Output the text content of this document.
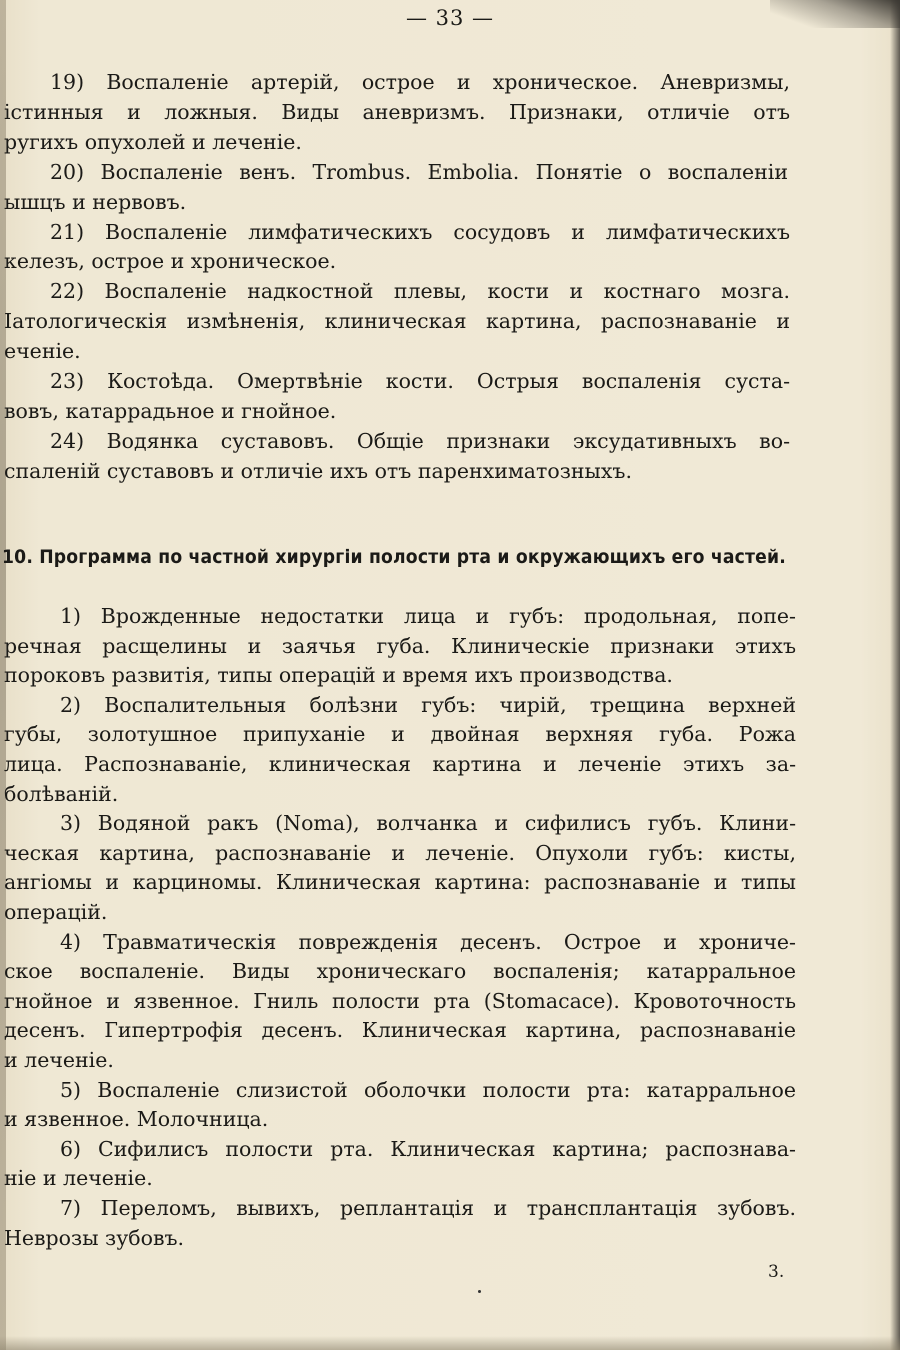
— 33 —
19) Воспаленіе артерій, острое и хроническое. Аневризмы,
істинныя и ложныя. Виды аневризмъ. Признаки, отличіе отъ
ругихъ опухолей и леченіе.
20) Воспаленіе венъ. Trombus. Embolia. Понятіе о воспаленіи
ышцъ и нервовъ.
21) Воспаленіе лимфатическихъ сосудовъ и лимфатическихъ
келезъ, острое и хроническое.
22) Воспаленіе надкостной плевы, кости и костнаго мозга.
Іатологическія измѣненія, клиническая картина, распознаваніе и
еченіе.
23) Костоѣда. Омертвѣніе кости. Острыя воспаленія суста-
вовъ, катаррадьное и гнойное.
24) Водянка суставовъ. Общіе признаки эксудативныхъ во-
спаленій суставовъ и отличіе ихъ отъ паренхиматозныхъ.
10. Программа по частной хирургіи полости рта и окружающихъ его частей.
1) Врожденные недостатки лица и губъ: продольная, попе-
речная расщелины и заячья губа. Клиническіе признаки этихъ
пороковъ развитія, типы операцій и время ихъ производства.
2) Воспалительныя болѣзни губъ: чирій, трещина верхней
губы, золотушное припуханіе и двойная верхняя губа. Рожа
лица. Распознаваніе, клиническая картина и леченіе этихъ за-
болѣваній.
3) Водяной ракъ (Noma), волчанка и сифилисъ губъ. Клини-
ческая картина, распознаваніе и леченіе. Опухоли губъ: кисты,
ангіомы и карциномы. Клиническая картина: распознаваніе и типы
операцій.
4) Травматическія поврежденія десенъ. Острое и хрониче-
ское воспаленіе. Виды хроническаго воспаленія; катарральное
гнойное и язвенное. Гниль полости рта (Stomacace). Кровоточность
десенъ. Гипертрофія десенъ. Клиническая картина, распознаваніе
и леченіе.
5) Воспаленіе слизистой оболочки полости рта: катарральное
и язвенное. Молочница.
6) Сифилисъ полости рта. Клиническая картина; распознава-
ніе и леченіе.
7) Переломъ, вывихъ, реплантація и трансплантація зубовъ.
Неврозы зубовъ.
3.
